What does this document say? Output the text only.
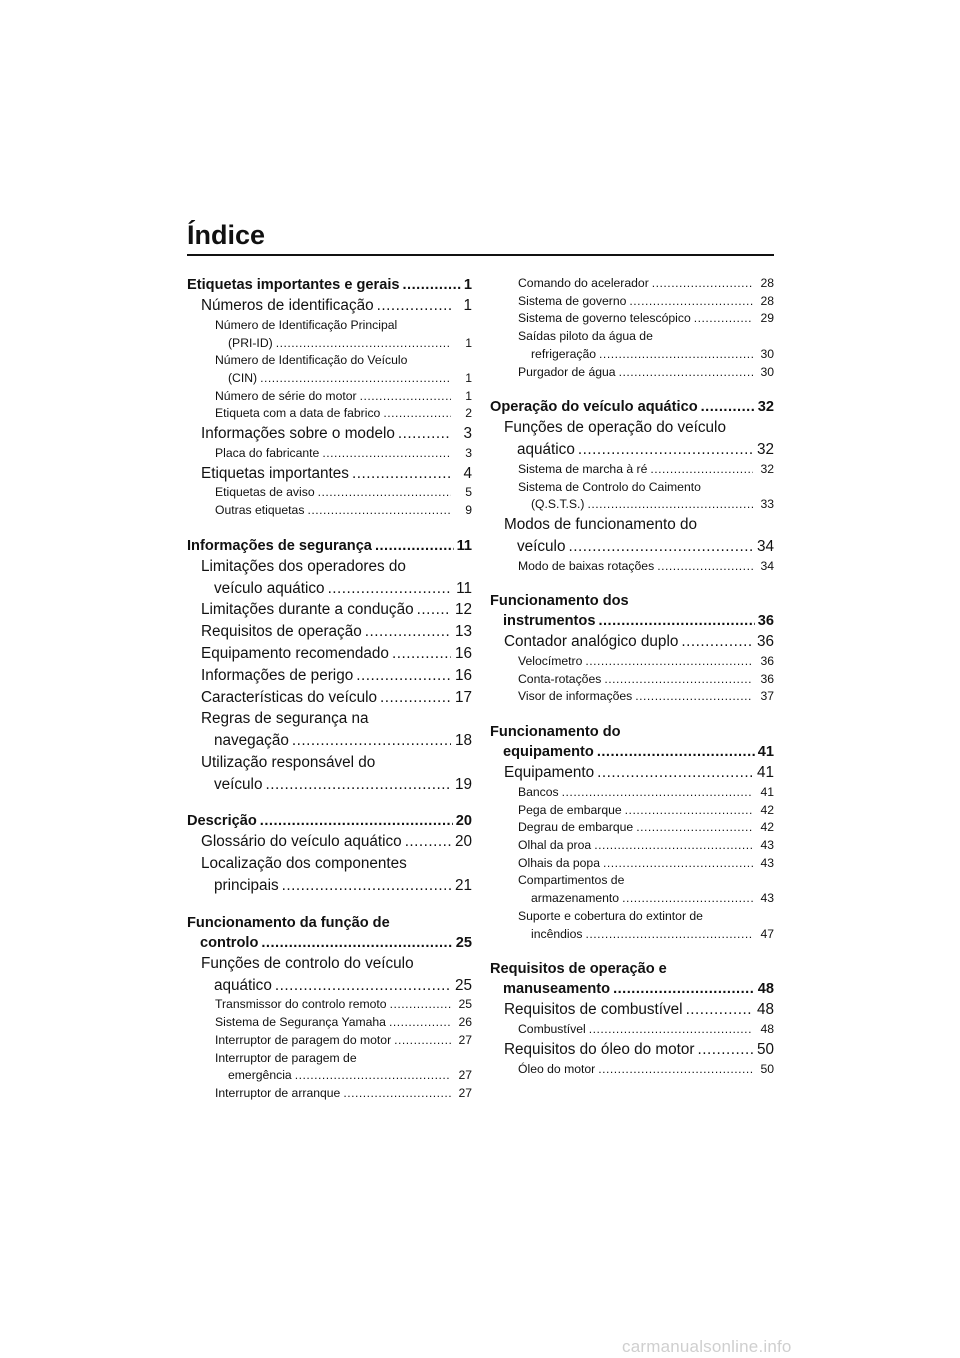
Índice
Etiquetas importantes e gerais .....	1
Números de identificação .....	1
Número de Identificação Principal
(PRI-ID) .....	1
Número de Identificação do Veículo
(CIN) .....	1
Número de série do motor .....	1
Etiqueta com a data de fabrico .....	2
Informações sobre o modelo .....	3
Placa do fabricante .....	3
Etiquetas importantes .....	4
Etiquetas de aviso .....	5
Outras etiquetas .....	9
Informações de segurança .....	11
Limitações dos operadores do
veículo aquático .....	11
Limitações durante a condução .....	12
Requisitos de operação .....	13
Equipamento recomendado .....	16
Informações de perigo .....	16
Características do veículo .....	17
Regras de segurança na
navegação .....	18
Utilização responsável do
veículo .....	19
Descrição .....	20
Glossário do veículo aquático .....	20
Localização dos componentes
principais .....	21
Funcionamento da função de
controlo .....	25
Funções de controlo do veículo
aquático .....	25
Transmissor do controlo remoto .....	25
Sistema de Segurança Yamaha .....	26
Interruptor de paragem do motor .....	27
Interruptor de paragem de
emergência .....	27
Interruptor de arranque .....	27
Comando do acelerador .....	28
Sistema de governo .....	28
Sistema de governo telescópico .....	29
Saídas piloto da água de
refrigeração .....	30
Purgador de água .....	30
Operação do veículo aquático .....	32
Funções de operação do veículo
aquático .....	32
Sistema de marcha à ré .....	32
Sistema de Controlo do Caimento
(Q.S.T.S.) .....	33
Modos de funcionamento do
veículo .....	34
Modo de baixas rotações .....	34
Funcionamento dos
instrumentos .....	36
Contador analógico duplo .....	36
Velocímetro .....	36
Conta-rotações .....	36
Visor de informações .....	37
Funcionamento do
equipamento .....	41
Equipamento .....	41
Bancos .....	41
Pega de embarque .....	42
Degrau de embarque .....	42
Olhal da proa .....	43
Olhais da popa .....	43
Compartimentos de
armazenamento .....	43
Suporte e cobertura do extintor de
incêndios .....	47
Requisitos de operação e
manuseamento .....	48
Requisitos de combustível .....	48
Combustível .....	48
Requisitos do óleo do motor .....	50
Óleo do motor .....	50
carmanualsonline.info
